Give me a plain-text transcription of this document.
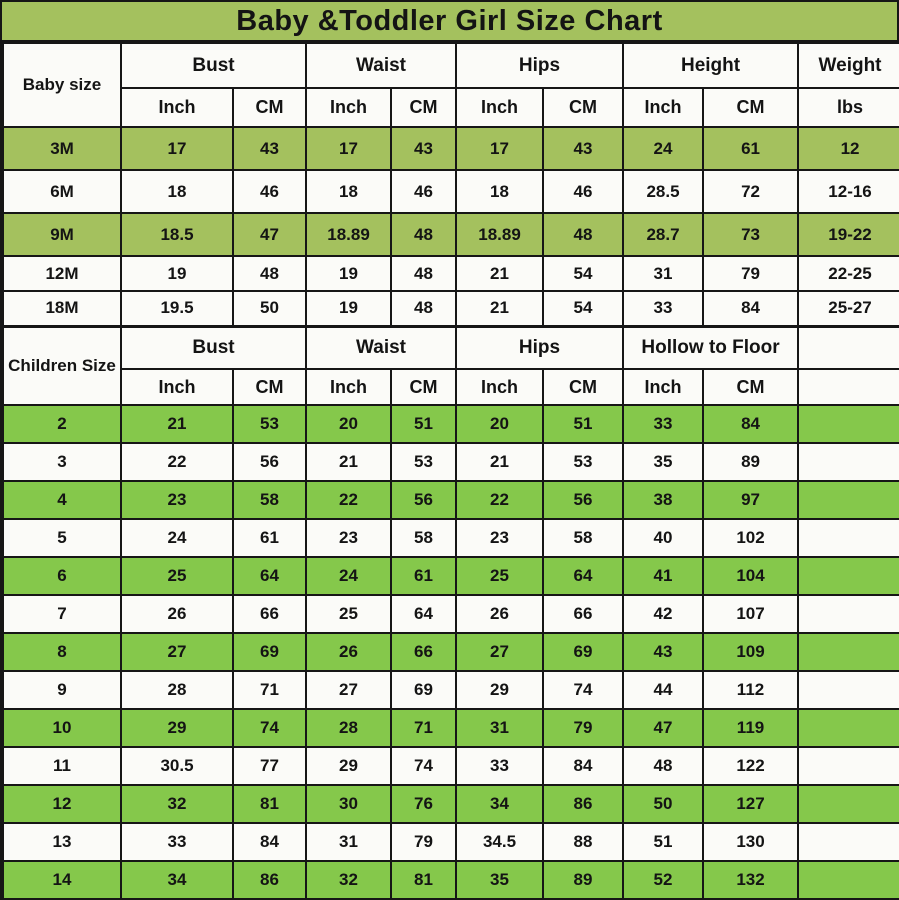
Baby &Toddler Girl Size Chart
Baby size	Bust		Waist		Hips		Height		Weight
	Inch	CM	Inch	CM	Inch	CM	Inch	CM	lbs
3M	17	43	17	43	17	43	24	61	12
6M	18	46	18	46	18	46	28.5	72	12-16
9M	18.5	47	18.89	48	18.89	48	28.7	73	19-22
12M	19	48	19	48	21	54	31	79	22-25
18M	19.5	50	19	48	21	54	33	84	25-27
Children Size	Bust		Waist		Hips		Hollow to Floor		
	Inch	CM	Inch	CM	Inch	CM	Inch	CM	
2	21	53	20	51	20	51	33	84	
3	22	56	21	53	21	53	35	89	
4	23	58	22	56	22	56	38	97	
5	24	61	23	58	23	58	40	102	
6	25	64	24	61	25	64	41	104	
7	26	66	25	64	26	66	42	107	
8	27	69	26	66	27	69	43	109	
9	28	71	27	69	29	74	44	112	
10	29	74	28	71	31	79	47	119	
11	30.5	77	29	74	33	84	48	122	
12	32	81	30	76	34	86	50	127	
13	33	84	31	79	34.5	88	51	130	
14	34	86	32	81	35	89	52	132	
